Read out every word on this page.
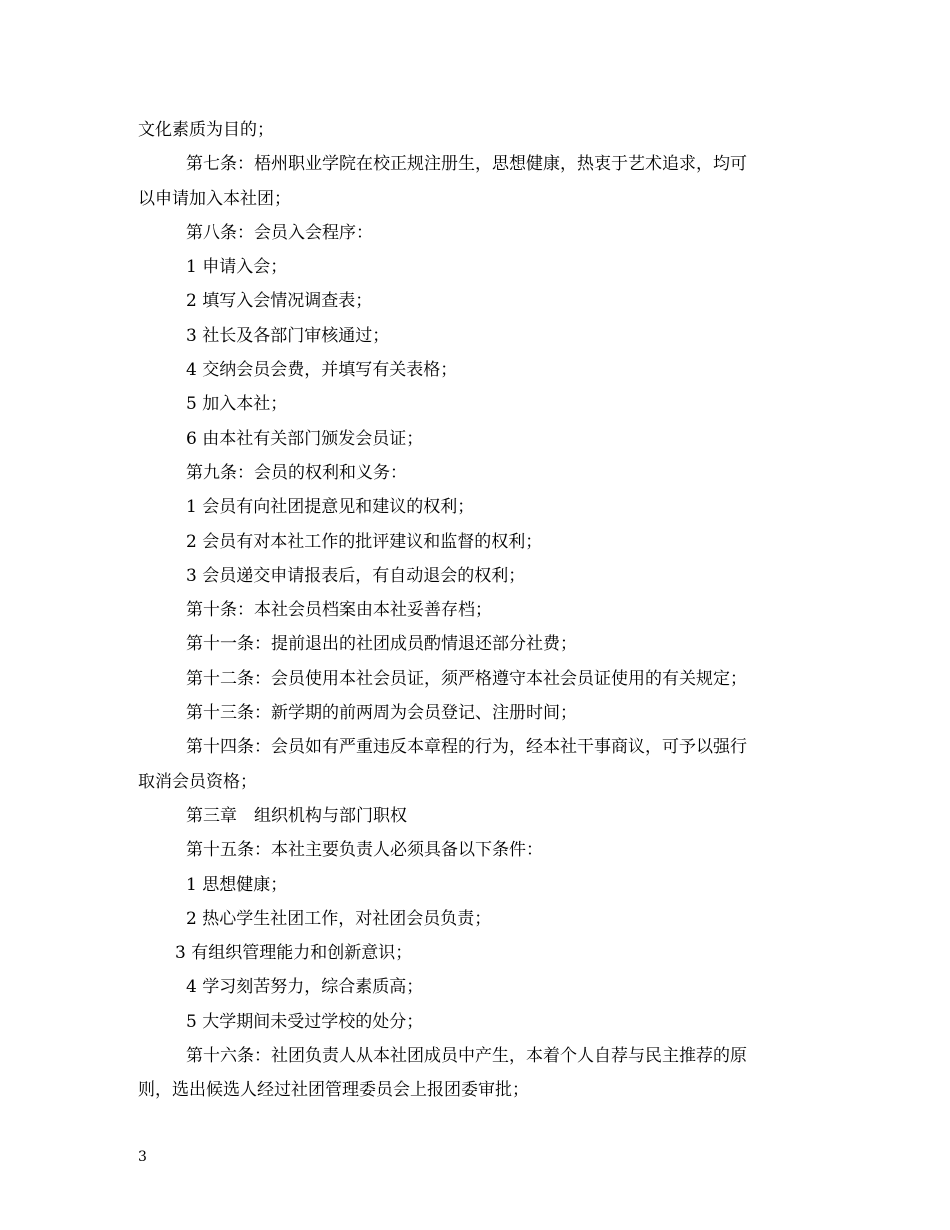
文化素质为目的；
第七条：梧州职业学院在校正规注册生，思想健康，热衷于艺术追求，均可
以申请加入本社团；
第八条：会员入会程序：
1 申请入会；
2 填写入会情况调查表；
3 社长及各部门审核通过；
4 交纳会员会费，并填写有关表格；
5 加入本社；
6 由本社有关部门颁发会员证；
第九条：会员的权利和义务：
1 会员有向社团提意见和建议的权利；
2 会员有对本社工作的批评建议和监督的权利；
3 会员递交申请报表后，有自动退会的权利；
第十条：本社会员档案由本社妥善存档；
第十一条：提前退出的社团成员酌情退还部分社费；
第十二条：会员使用本社会员证，须严格遵守本社会员证使用的有关规定；
第十三条：新学期的前两周为会员登记、注册时间；
第十四条：会员如有严重违反本章程的行为，经本社干事商议，可予以强行
取消会员资格；
第三章　组织机构与部门职权
第十五条：本社主要负责人必须具备以下条件：
1 思想健康；
2 热心学生社团工作，对社团会员负责；
3 有组织管理能力和创新意识；
4 学习刻苦努力，综合素质高；
5 大学期间未受过学校的处分；
第十六条：社团负责人从本社团成员中产生，本着个人自荐与民主推荐的原
则，选出候选人经过社团管理委员会上报团委审批；
3
